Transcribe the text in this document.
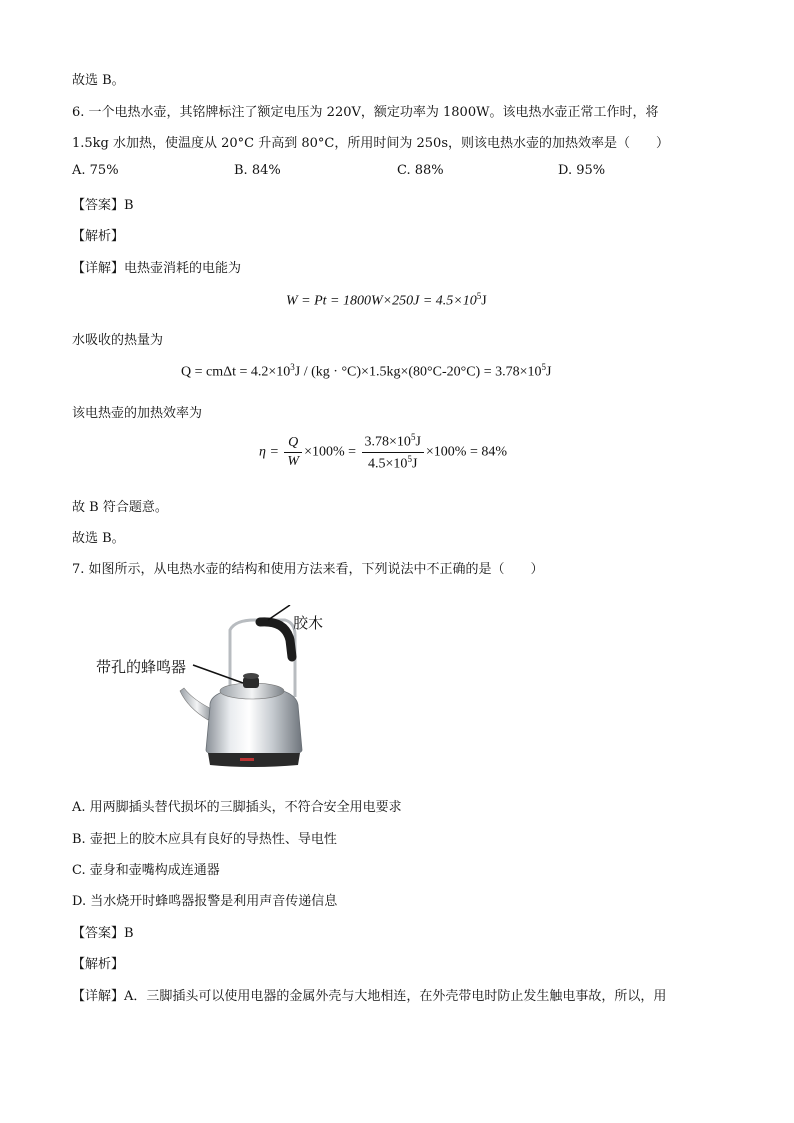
故选 B。
6. 一个电热水壶，其铭牌标注了额定电压为 220V，额定功率为 1800W。该电热水壶正常工作时，将
1.5kg 水加热，使温度从 20°C 升高到 80°C，所用时间为 250s，则该电热水壶的加热效率是（　　）
A. 75%	B. 84%	C. 88%	D. 95%
【答案】B
【解析】
【详解】电热壶消耗的电能为
$W = Pt = 1800W\times 250J = 4.5\times 10^5J$
水吸收的热量为
$Q = cm\Delta t = 4.2\times 10^3J / (kg \cdot ^\circ C)\times 1.5kg\times(80^\circ C-20^\circ C) = 3.78\times 10^5J$
该电热壶的加热效率为
η =
Q
W
$\times 100\% = \frac{3.78\times 10^5J}{4.5\times 10^5J} \times 100\% = 84\%$
故 B 符合题意。
故选 B。
7. 如图所示，从电热水壶的结构和使用方法来看，下列说法中不正确的是（　　）
胶木
带孔的蜂鸣器
A. 用两脚插头替代损坏的三脚插头，不符合安全用电要求
B. 壶把上的胶木应具有良好的导热性、导电性
C. 壶身和壶嘴构成连通器
D. 当水烧开时蜂鸣器报警是利用声音传递信息
【答案】B
【解析】
【详解】A．三脚插头可以使用电器的金属外壳与大地相连，在外壳带电时防止发生触电事故，所以，用
